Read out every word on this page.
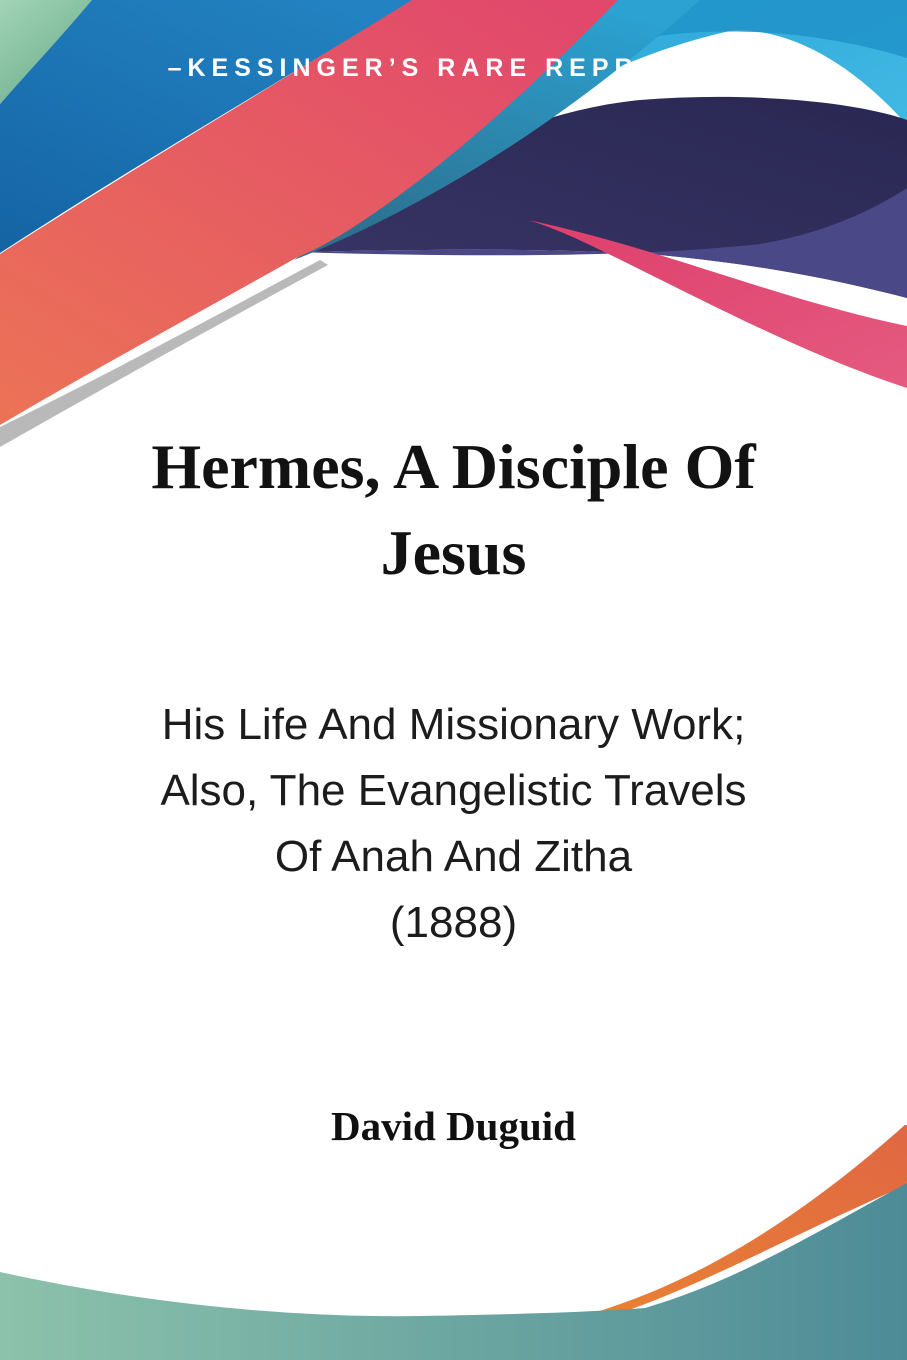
–KESSINGER’S RARE REPRINTS–
Hermes, A Disciple Of
Jesus
His Life And Missionary Work;
Also, The Evangelistic Travels
Of Anah And Zitha
(1888)
David Duguid
